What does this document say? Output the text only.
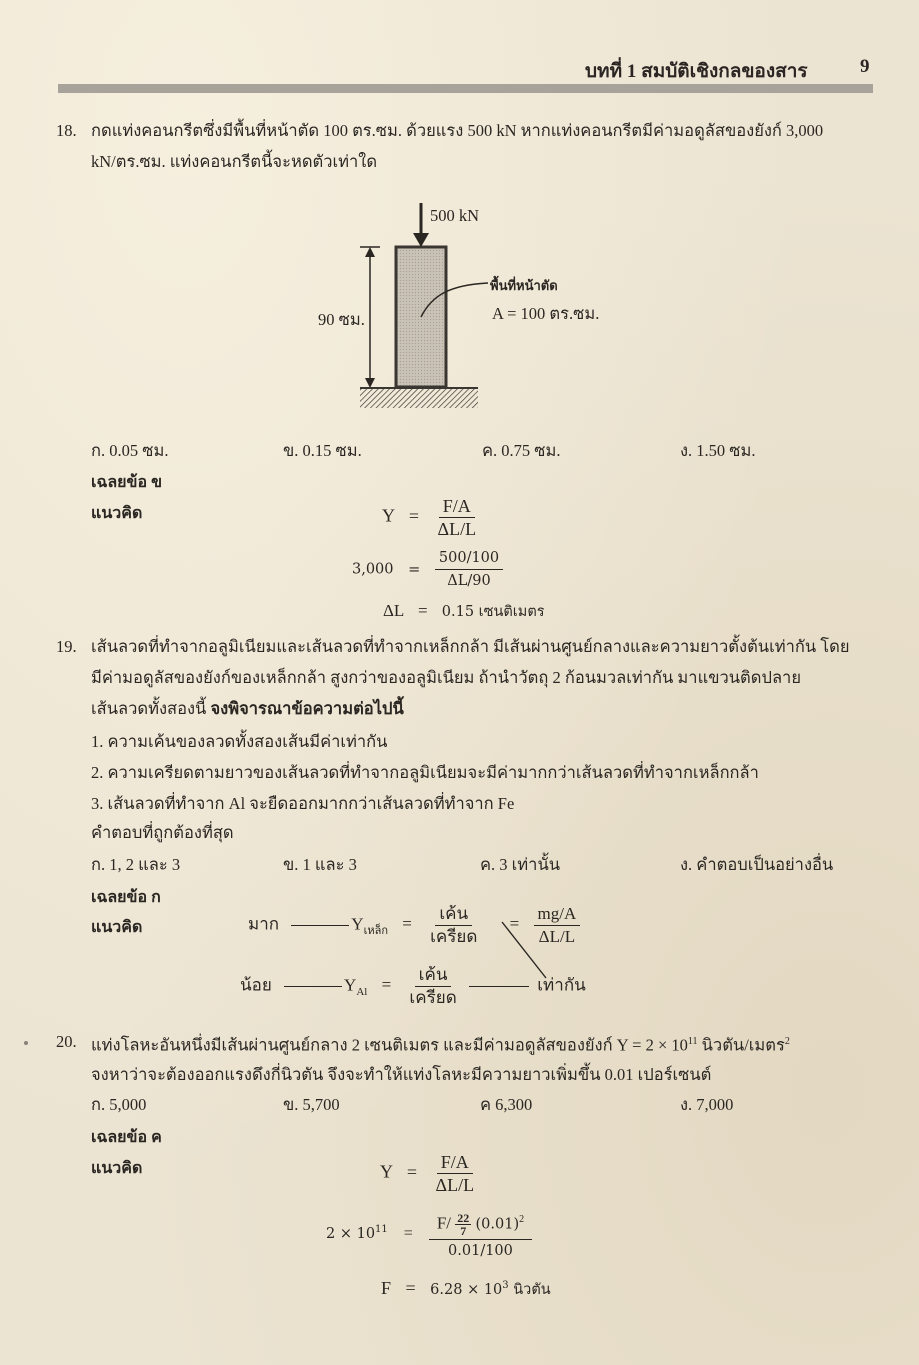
บทที่ 1 สมบัติเชิงกลของสาร	9
18. กดแท่งคอนกรีตซึ่งมีพื้นที่หน้าตัด 100 ตร.ซม. ด้วยแรง 500 kN หากแท่งคอนกรีตมีค่ามอดูลัสของยังก์ 3,000
kN/ตร.ซม. แท่งคอนกรีตนี้จะหดตัวเท่าใด
500 kN
90 ซม.
พื้นที่หน้าตัด
A = 100 ตร.ซม.
ก. 0.05 ซม.	ข. 0.15 ซม.	ค. 0.75 ซม.	ง. 1.50 ซม.
เฉลยข้อ ข
แนวคิด	$Y = \frac{F/A}{\Delta L/L}$
$3,000 = \frac{500/100}{\Delta L/90}$
ΔL = 0.15 เซนติเมตร
19. เส้นลวดที่ทำจากอลูมิเนียมและเส้นลวดที่ทำจากเหล็กกล้า มีเส้นผ่านศูนย์กลางและความยาวตั้งต้นเท่ากัน โดย
มีค่ามอดูลัสของยังก์ของเหล็กกล้า สูงกว่าของอลูมิเนียม ถ้านำวัตถุ 2 ก้อนมวลเท่ากัน มาแขวนติดปลาย
เส้นลวดทั้งสองนี้ จงพิจารณาข้อความต่อไปนี้
1. ความเค้นของลวดทั้งสองเส้นมีค่าเท่ากัน
2. ความเครียดตามยาวของเส้นลวดที่ทำจากอลูมิเนียมจะมีค่ามากกว่าเส้นลวดที่ทำจากเหล็กกล้า
3. เส้นลวดที่ทำจาก Al จะยืดออกมากกว่าเส้นลวดที่ทำจาก Fe
คำตอบที่ถูกต้องที่สุด
ก. 1, 2 และ 3	ข. 1 และ 3	ค. 3 เท่านั้น	ง. คำตอบเป็นอย่างอื่น
เฉลยข้อ ก
แนวคิด	มาก	$Y_{เหล็ก} = \frac{\text{เค้น}}{\text{เครียด}} = \frac{mg/A}{\Delta L/L}$
น้อย	$Y_{Al} = \frac{\text{เค้น}}{\text{เครียด}}$	เท่ากัน
20. แท่งโลหะอันหนึ่งมีเส้นผ่านศูนย์กลาง 2 เซนติเมตร และมีค่ามอดูลัสของยังก์ $Y = 2 \times 10^{11}$ นิวตัน/เมตร$^2$
จงหาว่าจะต้องออกแรงดึงกี่นิวตัน จึงจะทำให้แท่งโลหะมีความยาวเพิ่มขึ้น 0.01 เปอร์เซนต์
ก. 5,000	ข. 5,700	ค 6,300	ง. 7,000
เฉลยข้อ ค
แนวคิด	$Y = \frac{F/A}{\Delta L/L}$
$2 \times 10^{11} = \frac{F/ \frac{22}{7} (0.01)^2}{0.01/100}$
$F = 6.28 \times 10^3$ นิวตัน
